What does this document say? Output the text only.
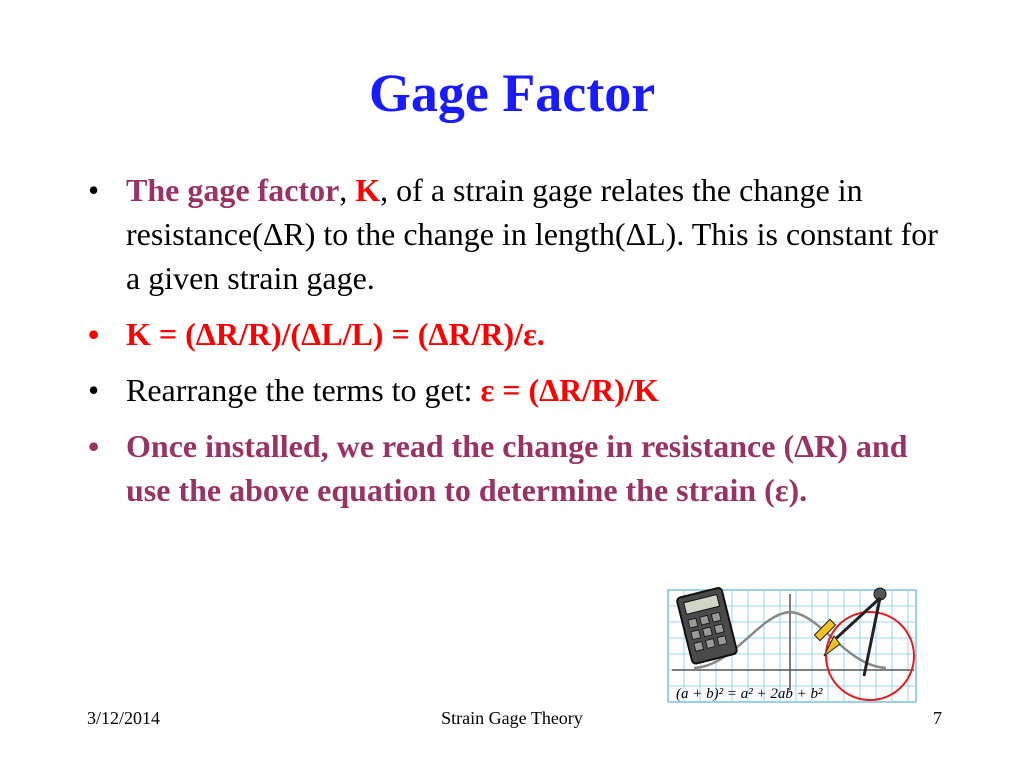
Gage Factor
• The gage factor, K, of a strain gage relates the change in resistance(ΔR) to the change in length(ΔL). This is constant for a given strain gage.
• K = (ΔR/R)/(ΔL/L) = (ΔR/R)/ε.
• Rearrange the terms to get: ε = (ΔR/R)/K
• Once installed, we read the change in resistance (ΔR) and use the above equation to determine the strain (ε).
(a + b)² = a² + 2ab + b²
3/12/2014	Strain Gage Theory	7
